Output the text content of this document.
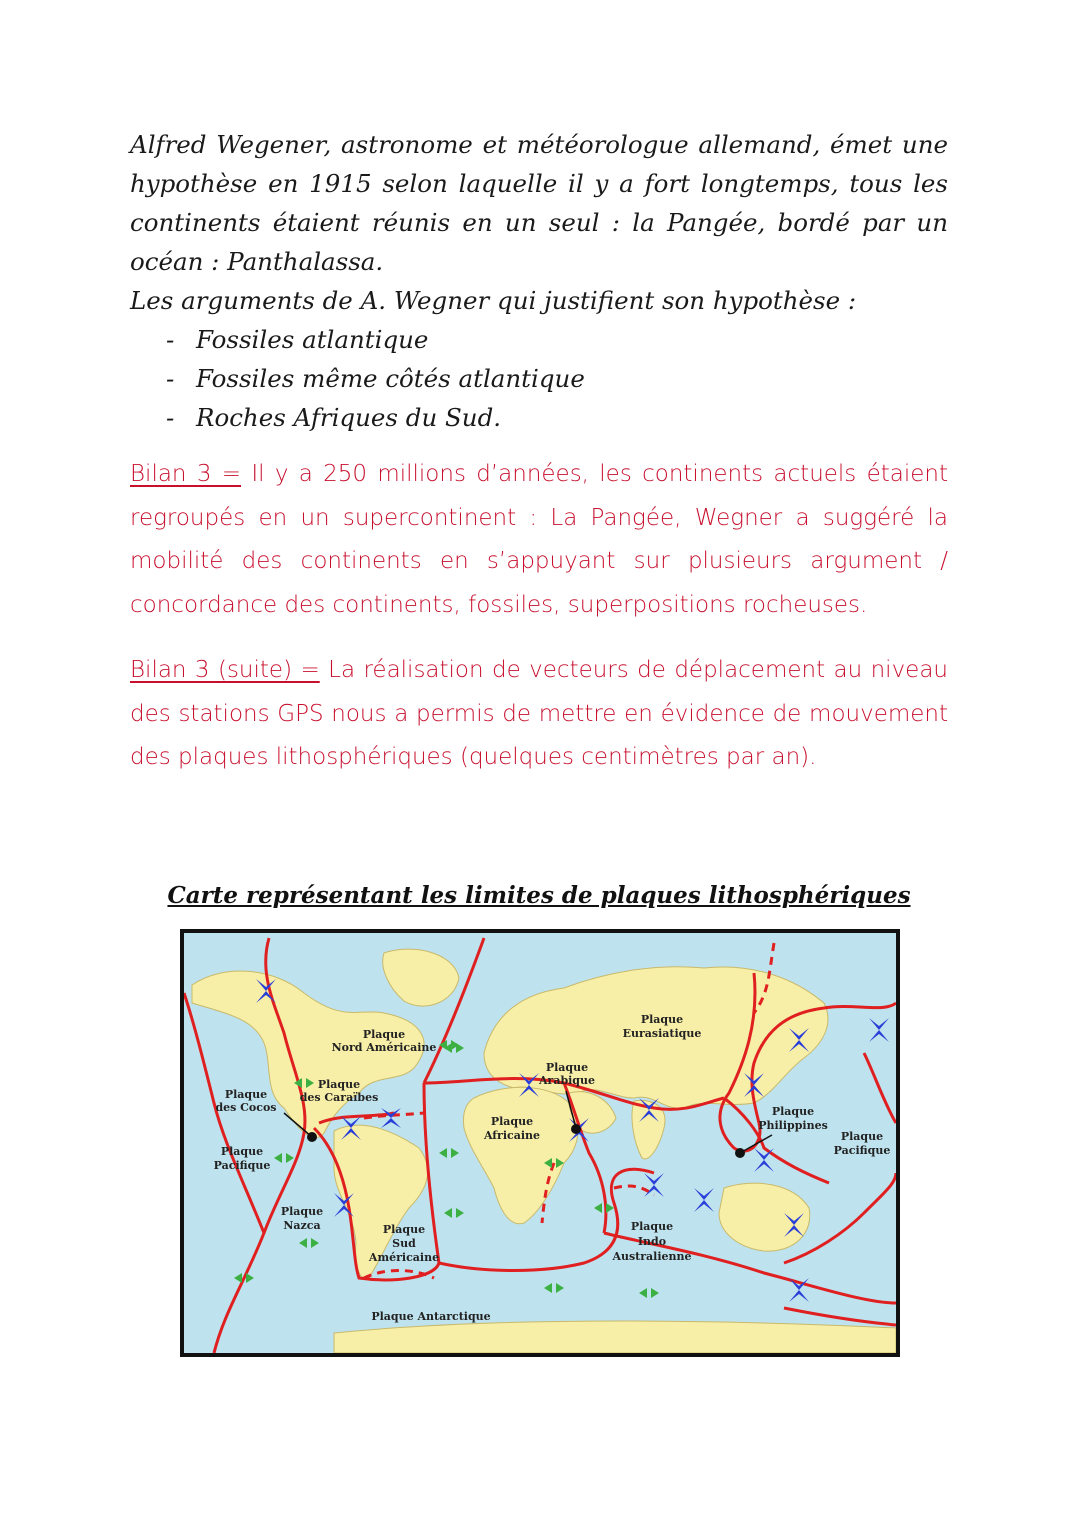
Alfred Wegener, astronome et météorologue allemand, émet une hypothèse en 1915 selon laquelle il y a fort longtemps, tous les continents étaient réunis en un seul : la Pangée, bordé par un océan : Panthalassa.

Les arguments de A. Wegner qui justifient son hypothèse :

- Fossiles atlantique
- Fossiles même côtés atlantique
- Roches Afriques du Sud.

Bilan 3 = Il y a 250 millions d’années, les continents actuels étaient regroupés en un supercontinent : La Pangée, Wegner a suggéré la mobilité des continents en s’appuyant sur plusieurs argument / concordance des continents, fossiles, superpositions rocheuses.

Bilan 3 (suite) = La réalisation de vecteurs de déplacement au niveau des stations GPS nous a permis de mettre en évidence de mouvement des plaques lithosphériques (quelques centimètres par an).

Carte représentant les limites de plaques lithosphériques
Plaque Nord Américaine
Plaque Eurasiatique
Plaque Arabique
Plaque des Caraïbes
Plaque des Cocos
Plaque Africaine
Plaque Philippines
Plaque Pacifique
Plaque Pacifique
Plaque Nazca	Plaque Sud Américaine
Plaque Indo Australienne
Plaque Antarctique
